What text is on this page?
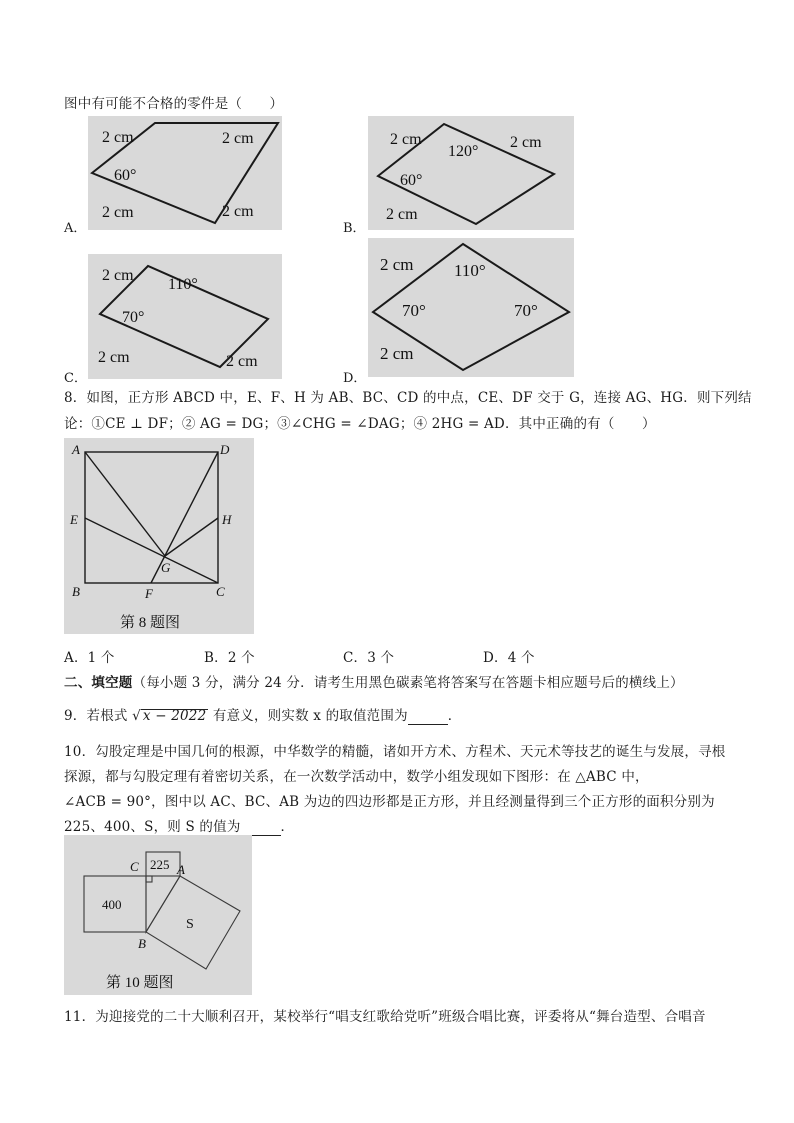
图中有可能不合格的零件是（　　）
A．
2 cm	2 cm
2 cm	2 cm
60°
B．
2 cm	2 cm
2 cm
120°
60°
C．
2 cm
2 cm	2 cm
110°
70°
D．
2 cm
2 cm
110°
70°	70°
8．如图，正方形 ABCD 中，E、F、H 为 AB、BC、CD 的中点，CE、DF 交于 G，连接 AG、HG．则下列结
论：①CE ⊥ DF；② AG = DG；③∠CHG = ∠DAG；④ 2HG = AD．其中正确的有（　　）
A	D
E	H
G
B	F	C
第 8 题图
A．1 个	B．2 个	C．3 个	D．4 个
二、填空题（每小题 3 分，满分 24 分．请考生用黑色碳素笔将答案写在答题卡相应题号后的横线上）
9．若根式 √ x − 2022 有意义，则实数 x 的取值范围为	．
10．勾股定理是中国几何的根源，中华数学的精髓，诸如开方术、方程术、天元术等技艺的诞生与发展，寻根
探源，都与勾股定理有着密切关系，在一次数学活动中，数学小组发现如下图形：在 △ABC 中，
∠ACB = 90°，图中以 AC、BC、AB 为边的四边形都是正方形，并且经测量得到三个正方形的面积分别为
225、400、S，则 S 的值为	．
C	A
B
225
400
S
第 10 题图
11．为迎接党的二十大顺利召开，某校举行“唱支红歌给党听”班级合唱比赛，评委将从“舞台造型、合唱音
